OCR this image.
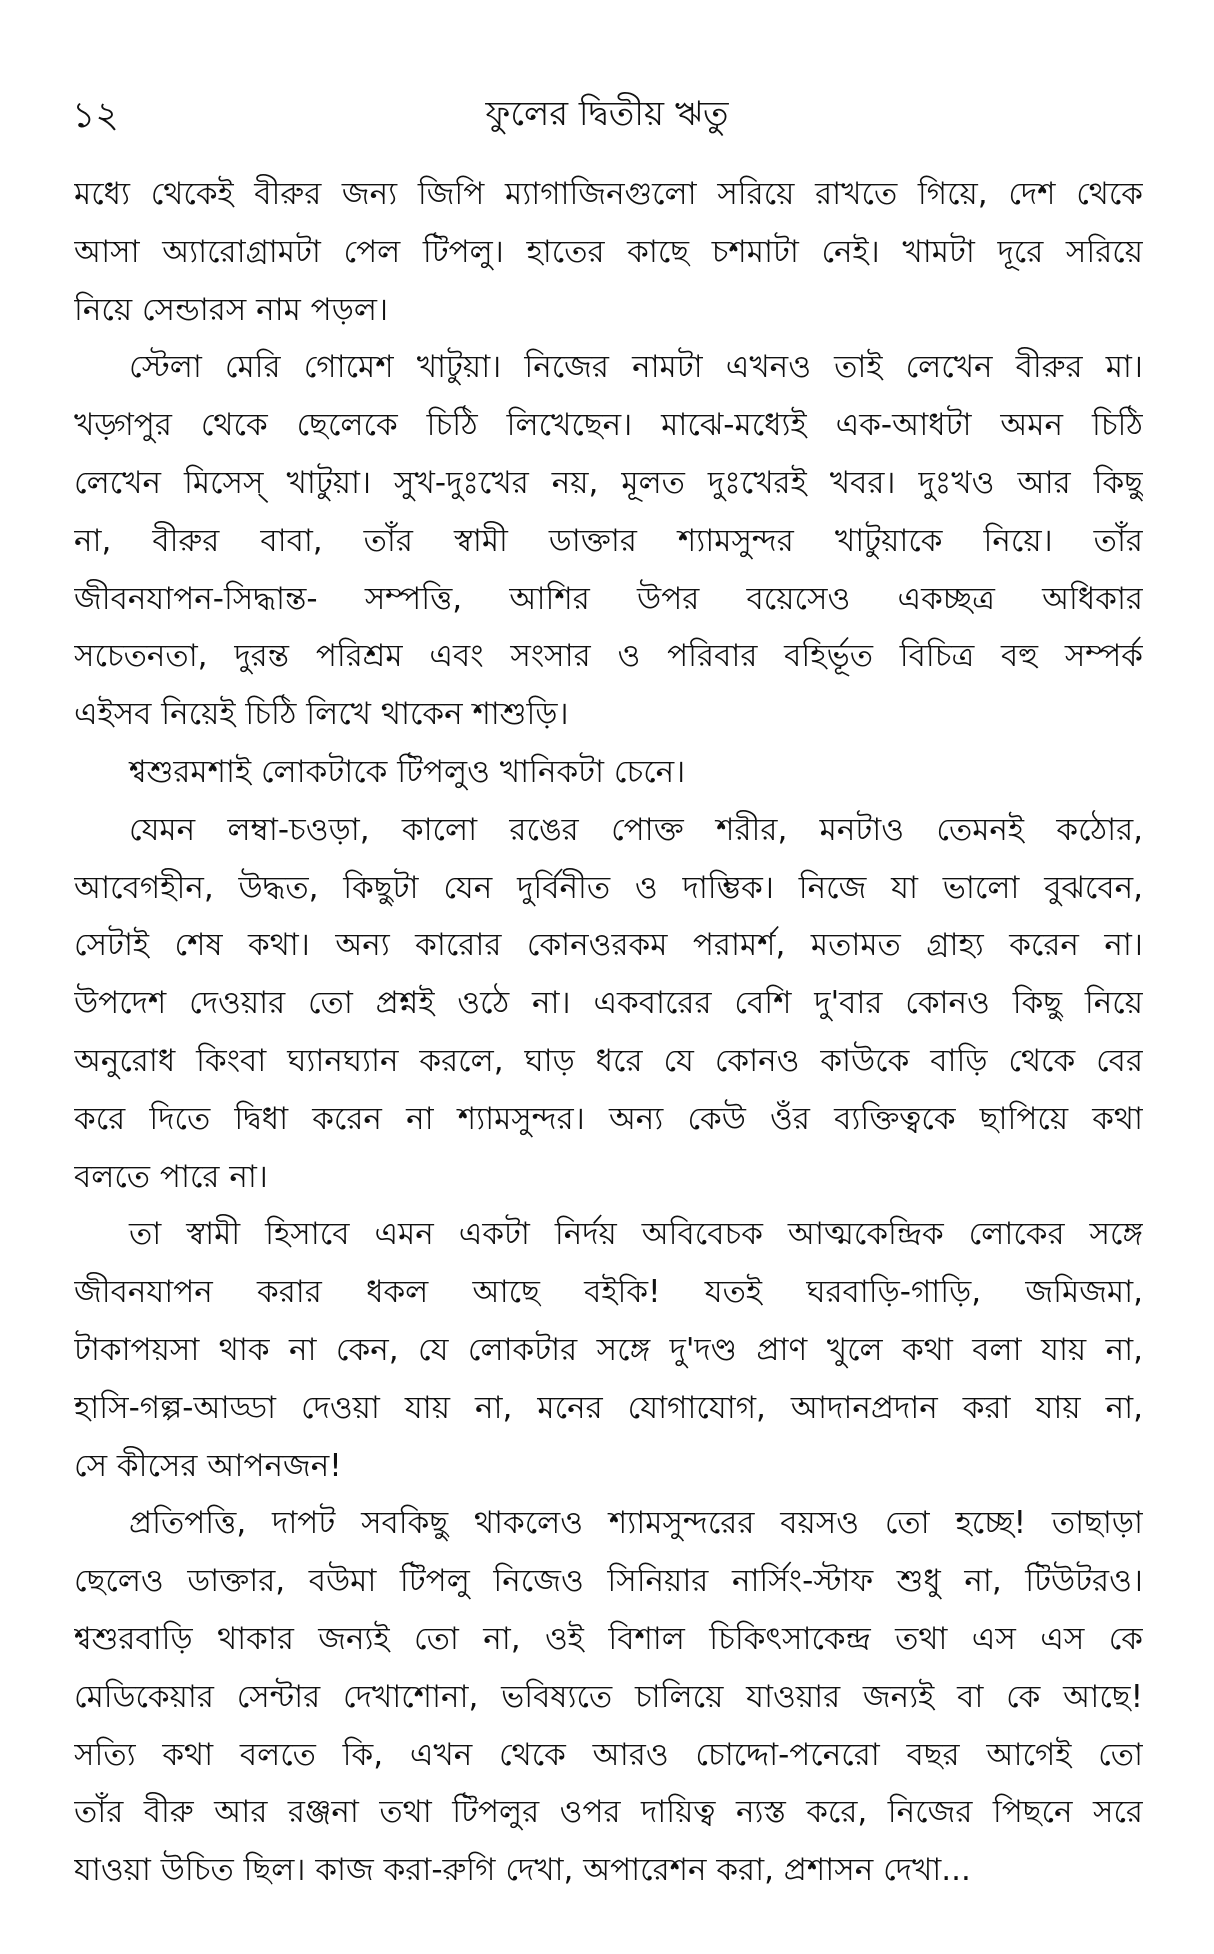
১২	ফুলের দ্বিতীয় ঋতু
মধ্যে থেকেই বীরুর জন্য জিপি ম্যাগাজিনগুলো সরিয়ে রাখতে গিয়ে, দেশ থেকে
আসা অ্যারোগ্রামটা পেল টিপলু। হাতের কাছে চশমাটা নেই। খামটা দূরে সরিয়ে
নিয়ে সেন্ডারস নাম পড়ল।
স্টেলা মেরি গোমেশ খাটুয়া। নিজের নামটা এখনও তাই লেখেন বীরুর মা।
খড়্গপুর থেকে ছেলেকে চিঠি লিখেছেন। মাঝে-মধ্যেই এক-আধটা অমন চিঠি
লেখেন মিসেস্ খাটুয়া। সুখ-দুঃখের নয়, মূলত দুঃখেরই খবর। দুঃখও আর কিছু
না, বীরুর বাবা, তাঁর স্বামী ডাক্তার শ্যামসুন্দর খাটুয়াকে নিয়ে। তাঁর
জীবনযাপন-সিদ্ধান্ত- সম্পত্তি, আশির উপর বয়েসেও একচ্ছত্র অধিকার
সচেতনতা, দুরন্ত পরিশ্রম এবং সংসার ও পরিবার বহির্ভূত বিচিত্র বহু সম্পর্ক
এইসব নিয়েই চিঠি লিখে থাকেন শাশুড়ি।
শ্বশুরমশাই লোকটাকে টিপলুও খানিকটা চেনে।
যেমন লম্বা-চওড়া, কালো রঙের পোক্ত শরীর, মনটাও তেমনই কঠোর,
আবেগহীন, উদ্ধত, কিছুটা যেন দুর্বিনীত ও দাম্ভিক। নিজে যা ভালো বুঝবেন,
সেটাই শেষ কথা। অন্য কারোর কোনওরকম পরামর্শ, মতামত গ্রাহ্য করেন না।
উপদেশ দেওয়ার তো প্রশ্নই ওঠে না। একবারের বেশি দু'বার কোনও কিছু নিয়ে
অনুরোধ কিংবা ঘ্যানঘ্যান করলে, ঘাড় ধরে যে কোনও কাউকে বাড়ি থেকে বের
করে দিতে দ্বিধা করেন না শ্যামসুন্দর। অন্য কেউ ওঁর ব্যক্তিত্বকে ছাপিয়ে কথা
বলতে পারে না।
তা স্বামী হিসাবে এমন একটা নির্দয় অবিবেচক আত্মকেন্দ্রিক লোকের সঙ্গে
জীবনযাপন করার ধকল আছে বইকি! যতই ঘরবাড়ি-গাড়ি, জমিজমা,
টাকাপয়সা থাক না কেন, যে লোকটার সঙ্গে দু'দণ্ড প্রাণ খুলে কথা বলা যায় না,
হাসি-গল্প-আড্ডা দেওয়া যায় না, মনের যোগাযোগ, আদানপ্রদান করা যায় না,
সে কীসের আপনজন!
প্রতিপত্তি, দাপট সবকিছু থাকলেও শ্যামসুন্দরের বয়সও তো হচ্ছে! তাছাড়া
ছেলেও ডাক্তার, বউমা টিপলু নিজেও সিনিয়ার নার্সিং-স্টাফ শুধু না, টিউটরও।
শ্বশুরবাড়ি থাকার জন্যই তো না, ওই বিশাল চিকিৎসাকেন্দ্র তথা এস এস কে
মেডিকেয়ার সেন্টার দেখাশোনা, ভবিষ্যতে চালিয়ে যাওয়ার জন্যই বা কে আছে!
সত্যি কথা বলতে কি, এখন থেকে আরও চোদ্দো-পনেরো বছর আগেই তো
তাঁর বীরু আর রঞ্জনা তথা টিপলুর ওপর দায়িত্ব ন্যস্ত করে, নিজের পিছনে সরে
যাওয়া উচিত ছিল। কাজ করা-রুগি দেখা, অপারেশন করা, প্রশাসন দেখা...
